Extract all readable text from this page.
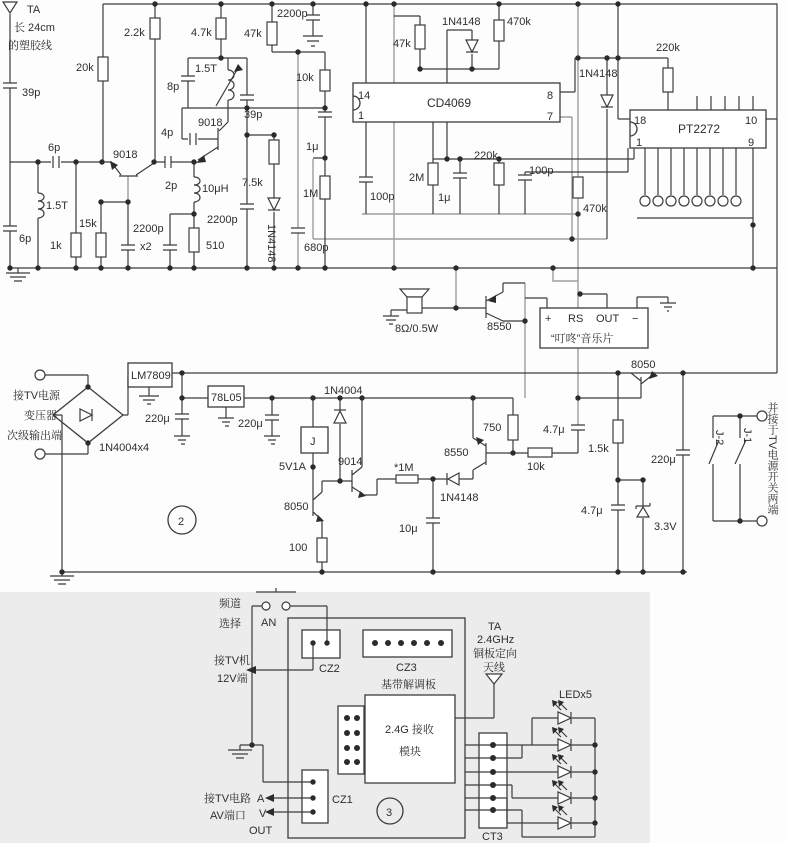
TA
长 24cm
的塑胶线
39p
6p
1.5T
6p
1k
15k
20k
9018
2.2k	4.7k	47k
2200p
8p
1.5T
4p
9018
39p
2p 10μH
2200p
2200p
x2	510
7.5k
1N4148 680p
10k
1μ
1M	100p
CD4069
14
1
8
7
47k
1N4148 470k
2M
1μ
220k
100p
470k
1N4148
220k
PT2272
18
1
10
9
8Ω/0.5W	8550
+ RS OUT −
“叮咚”音乐片
8050
接TV电源
变压器
次级输出端
1N4004x4
LM7809
220μ
78L05
220μ
1N4004
J
5V1A	9014
8050
100
*1M
10μ
1N4148
8550
750
10k
4.7μ
1.5k
220μ
4.7μ
3.3V
2
J-1
J-2	并接于TV电源开关两端
频道
选择 AN
CZ2	CZ3
基带解调板
2.4G 接收
模块
接TV机
12V端
接TV电路 A
AV端口 V
OUT
CZ1
3
TA
2.4GHz
铜板定向
天线
LEDx5
CT3
